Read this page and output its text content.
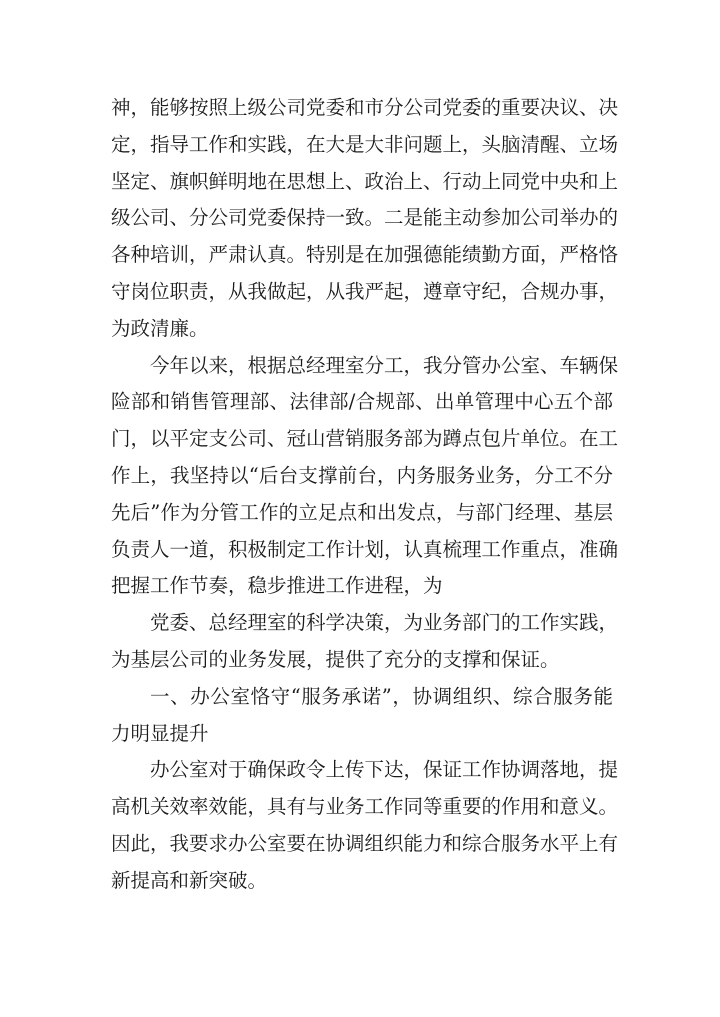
神，能够按照上级公司党委和市分公司党委的重要决议、决
定，指导工作和实践，在大是大非问题上，头脑清醒、立场
坚定、旗帜鲜明地在思想上、政治上、行动上同党中央和上
级公司、分公司党委保持一致。二是能主动参加公司举办的
各种培训，严肃认真。特别是在加强德能绩勤方面，严格恪
守岗位职责，从我做起，从我严起，遵章守纪，合规办事，
为政清廉。

今年以来，根据总经理室分工，我分管办公室、车辆保
险部和销售管理部、法律部/合规部、出单管理中心五个部
门，以平定支公司、冠山营销服务部为蹲点包片单位。在工
作上，我坚持以“后台支撑前台，内务服务业务，分工不分
先后”作为分管工作的立足点和出发点，与部门经理、基层
负责人一道，积极制定工作计划，认真梳理工作重点，准确
把握工作节奏，稳步推进工作进程，为

党委、总经理室的科学决策，为业务部门的工作实践，
为基层公司的业务发展，提供了充分的支撑和保证。

一、办公室恪守“服务承诺”，协调组织、综合服务能
力明显提升

办公室对于确保政令上传下达，保证工作协调落地，提
高机关效率效能，具有与业务工作同等重要的作用和意义。
因此，我要求办公室要在协调组织能力和综合服务水平上有
新提高和新突破。
